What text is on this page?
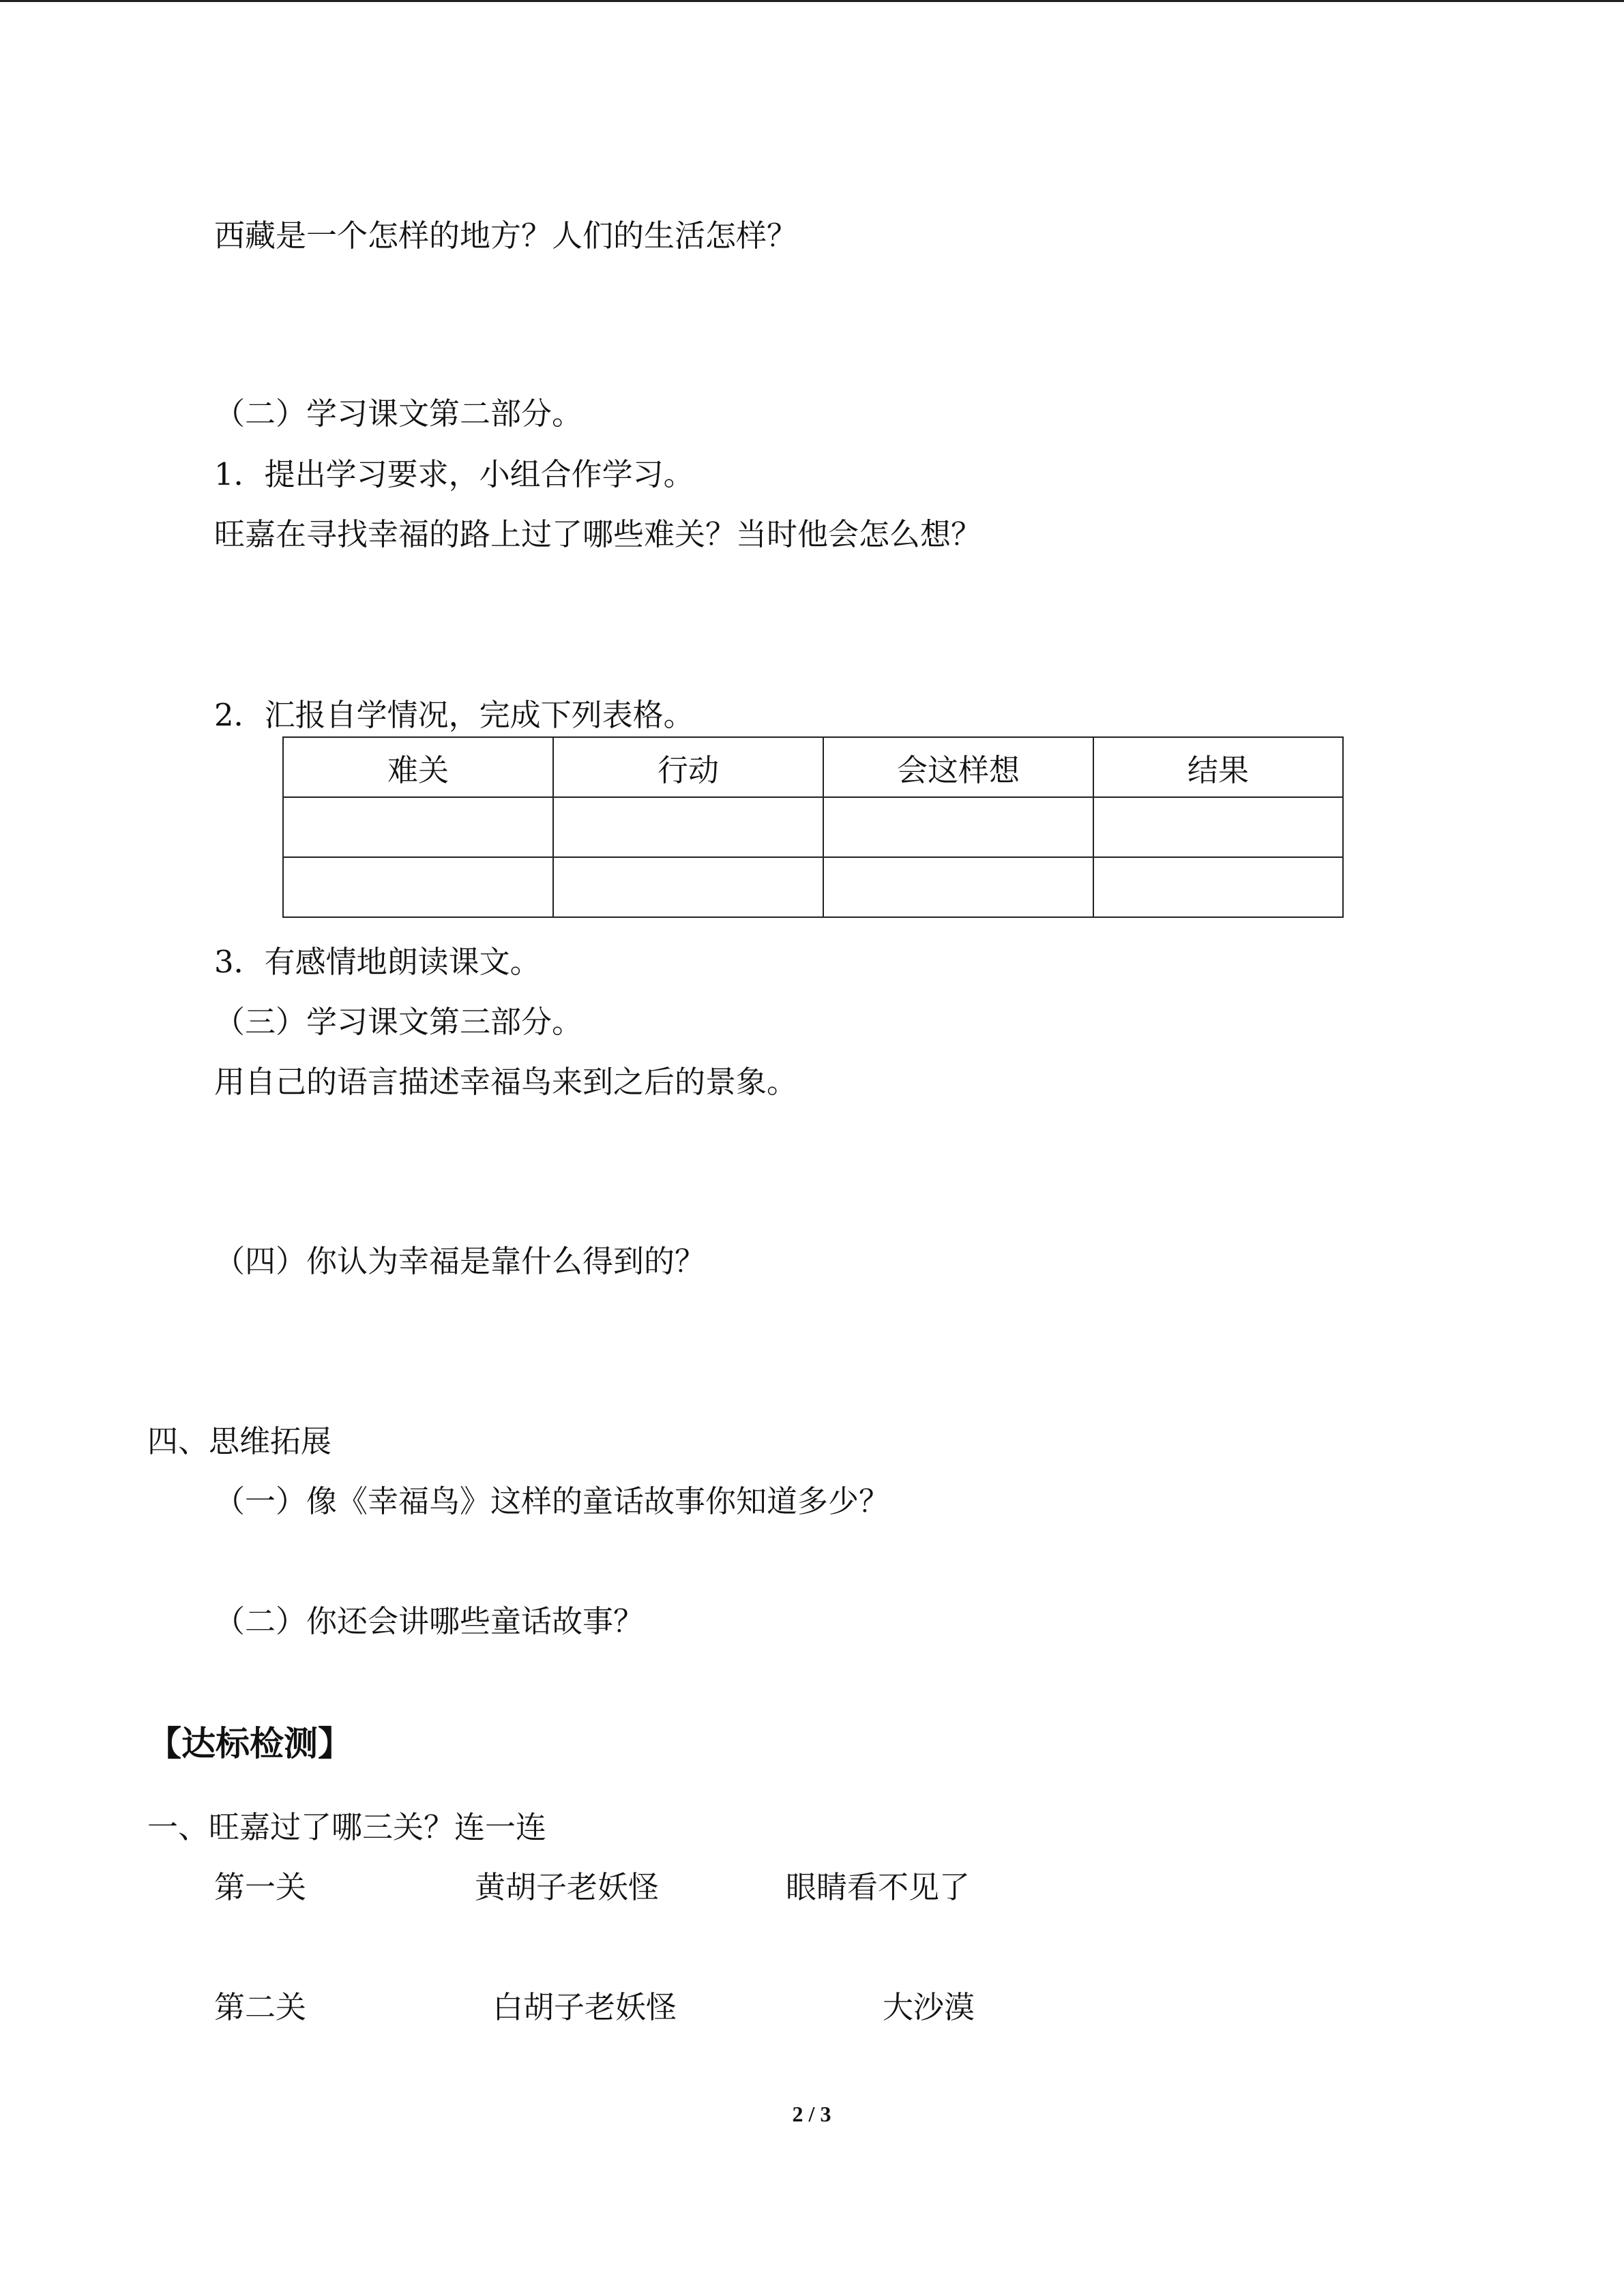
西藏是一个怎样的地方？人们的生活怎样？
（二）学习课文第二部分。
1．提出学习要求，小组合作学习。
旺嘉在寻找幸福的路上过了哪些难关？当时他会怎么想？
2．汇报自学情况，完成下列表格。
难关	行动	会这样想	结果

3．有感情地朗读课文。
（三）学习课文第三部分。
用自己的语言描述幸福鸟来到之后的景象。
（四）你认为幸福是靠什么得到的？
四、思维拓展
（一）像《幸福鸟》这样的童话故事你知道多少？
（二）你还会讲哪些童话故事？
【达标检测】
一、旺嘉过了哪三关？连一连
第一关	黄胡子老妖怪	眼睛看不见了
第二关	白胡子老妖怪	大沙漠
2 / 3
